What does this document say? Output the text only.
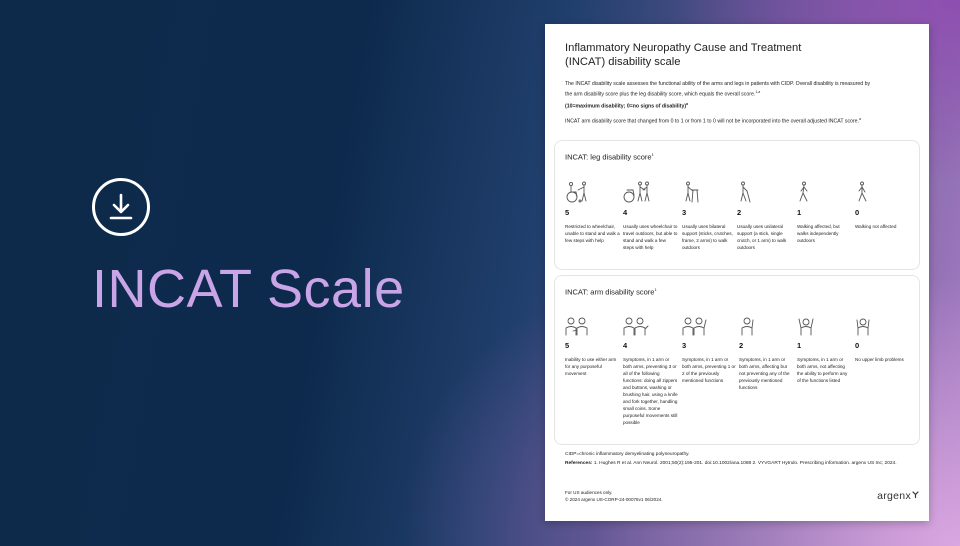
INCAT Scale
Inflammatory Neuropathy Cause and Treatment (INCAT) disability scale
The INCAT disability scale assesses the functional ability of the arms and legs in patients with CIDP. Overall disability is measured by the arm disability score plus the leg disability score, which equals the overall score.$^{1,a}$
(10=maximum disability; 0=no signs of disability)$^a$
INCAT arm disability score that changed from 0 to 1 or from 1 to 0 will not be incorporated into the overall adjusted INCAT score.$^a$
INCAT: leg disability score$^1$
5
Restricted to wheelchair, unable to stand and walk a few steps with help
4
Usually uses wheelchair to travel outdoors, but able to stand and walk a few steps with help
3
Usually uses bilateral support (sticks, crutches, frame, 2 arms) to walk outdoors
2
Usually uses unilateral support (a stick, single crutch, or 1 arm) to walk outdoors
1
Walking affected, but walks independently outdoors
0
Walking not affected
INCAT: arm disability score$^1$
5
Inability to use either arm for any purposeful movement
4
Symptoms, in 1 arm or both arms, preventing 3 or all of the following functions: doing all zippers and buttons, washing or brushing hair, using a knife and fork together, handling small coins. Some purposeful movements still possible
3
Symptoms, in 1 arm or both arms, preventing 1 or 2 of the previously mentioned functions
2
Symptoms, in 1 arm or both arms, affecting but not preventing any of the previously mentioned functions
1
Symptoms, in 1 arm or both arms, not affecting the ability to perform any of the functions listed
0
No upper limb problems
CIDP=chronic inflammatory demyelinating polyneuropathy.
References: 1. Hughes R et al. Ann Neurol. 2001;50(2):195-201. doi:10.1002/ana.1088 2. VYVGART Hytrulo. Prescribing information. argenx US Inc; 2024.
For US audiences only.
© 2024 argenx US-CORP-24-00078v1 06/2024.	argenx
